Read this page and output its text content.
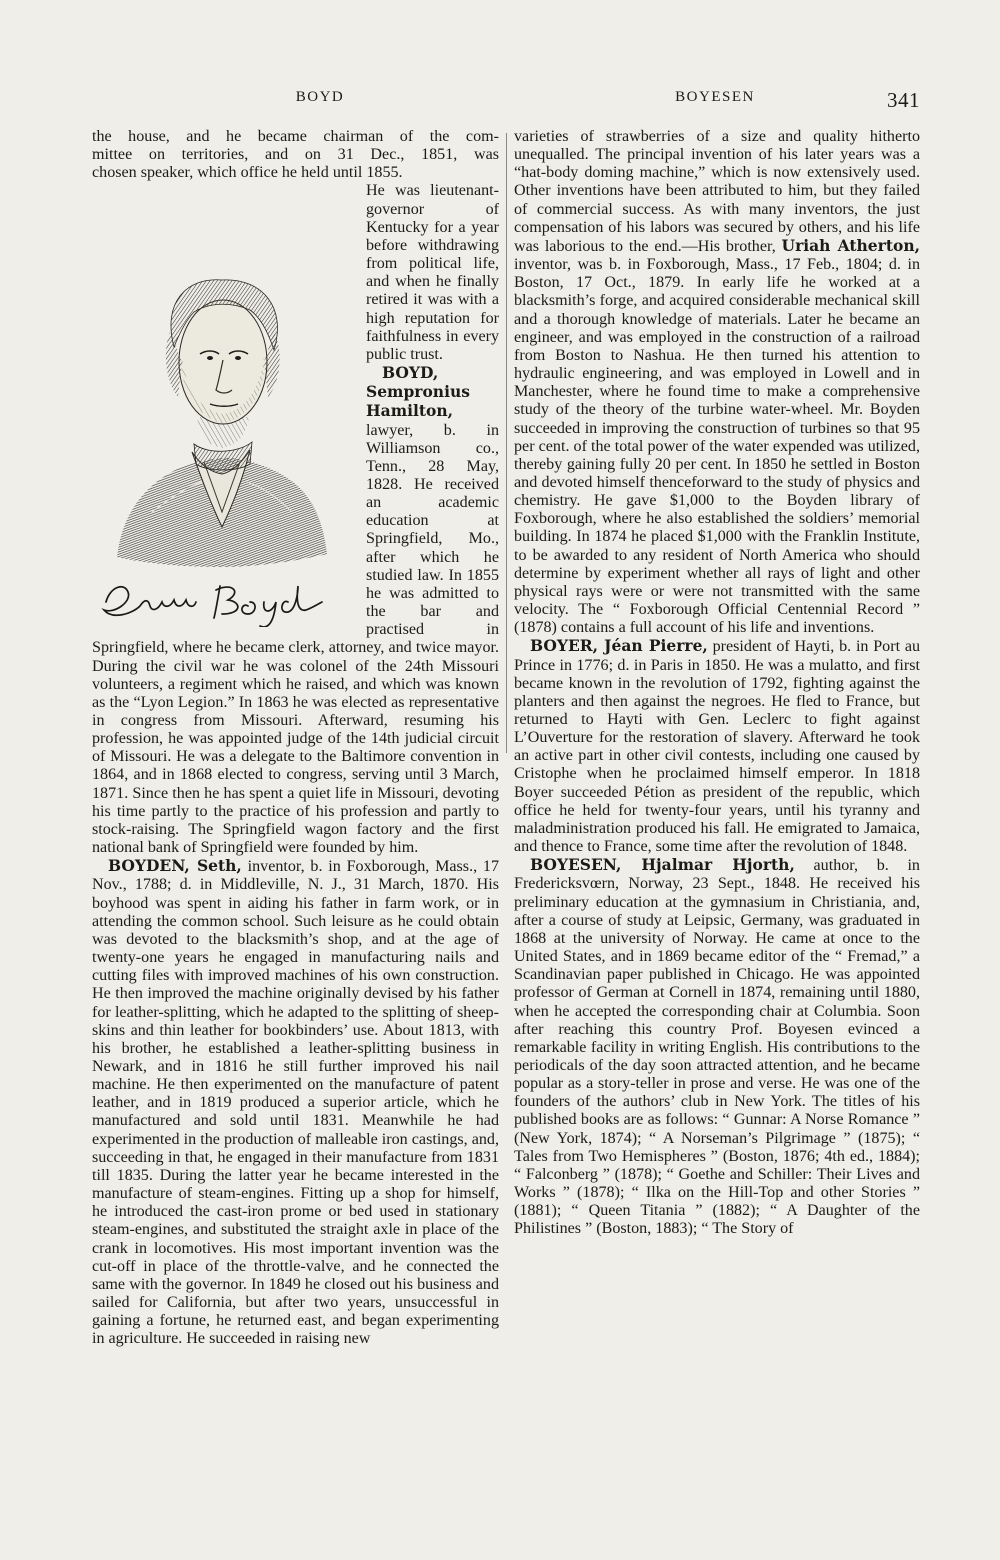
BOYD	BOYESEN	341
the house, and he became chairman of the com-
mittee on territories, and on 31 Dec., 1851, was
chosen speaker, which office he held until 1855.

He was lieutenant-governor of Kentucky for a year before withdrawing from political life, and when he finally retired it was with a high reputation for faithfulness in every public trust.

BOYD, Sempronius Hamilton, lawyer, b. in Williamson co., Tenn., 28 May, 1828. He received an academic education at Springfield, Mo., after which he studied law. In 1855 he was admitted to the bar and practised in Springfield, where he became clerk, attorney, and twice mayor. During the civil war he was colonel of the 24th Missouri volunteers, a regiment which he raised, and which was known as the “Lyon Legion.” In 1863 he was elected as representative in congress from Missouri. Afterward, resuming his profession, he was appointed judge of the 14th judicial circuit of Missouri. He was a delegate to the Baltimore convention in 1864, and in 1868 elected to congress, serving until 3 March, 1871. Since then he has spent a quiet life in Missouri, devoting his time partly to the practice of his profession and partly to stock-raising. The Springfield wagon factory and the first national bank of Springfield were founded by him.

BOYDEN, Seth, inventor, b. in Foxborough, Mass., 17 Nov., 1788; d. in Middleville, N. J., 31 March, 1870. His boyhood was spent in aiding his father in farm work, or in attending the common school. Such leisure as he could obtain was devoted to the blacksmith’s shop, and at the age of twenty-one years he engaged in manufacturing nails and cutting files with improved machines of his own construction. He then improved the machine originally devised by his father for leather-splitting, which he adapted to the splitting of sheep-skins and thin leather for bookbinders’ use. About 1813, with his brother, he established a leather-splitting business in Newark, and in 1816 he still further improved his nail machine. He then experimented on the manufacture of patent leather, and in 1819 produced a superior article, which he manufactured and sold until 1831. Meanwhile he had experimented in the production of malleable iron castings, and, succeeding in that, he engaged in their manufacture from 1831 till 1835. During the latter year he became interested in the manufacture of steam-engines. Fitting up a shop for himself, he introduced the cast-iron prome or bed used in stationary steam-engines, and substituted the straight axle in place of the crank in locomotives. His most important invention was the cut-off in place of the throttle-valve, and he connected the same with the governor. In 1849 he closed out his business and sailed for California, but after two years, unsuccessful in gaining a fortune, he returned east, and began experimenting in agriculture. He succeeded in raising new

varieties of strawberries of a size and quality hitherto unequalled. The principal invention of his later years was a “hat-body doming machine,” which is now extensively used. Other inventions have been attributed to him, but they failed of commercial success. As with many inventors, the just compensation of his labors was secured by others, and his life was laborious to the end.—His brother, Uriah Atherton, inventor, was b. in Foxborough, Mass., 17 Feb., 1804; d. in Boston, 17 Oct., 1879. In early life he worked at a blacksmith’s forge, and acquired considerable mechanical skill and a thorough knowledge of materials. Later he became an engineer, and was employed in the construction of a railroad from Boston to Nashua. He then turned his attention to hydraulic engineering, and was employed in Lowell and in Manchester, where he found time to make a comprehensive study of the theory of the turbine water-wheel. Mr. Boyden succeeded in improving the construction of turbines so that 95 per cent. of the total power of the water expended was utilized, thereby gaining fully 20 per cent. In 1850 he settled in Boston and devoted himself thenceforward to the study of physics and chemistry. He gave $1,000 to the Boyden library of Foxborough, where he also established the soldiers’ memorial building. In 1874 he placed $1,000 with the Franklin Institute, to be awarded to any resident of North America who should determine by experiment whether all rays of light and other physical rays were or were not transmitted with the same velocity. The “ Foxborough Official Centennial Record ” (1878) contains a full account of his life and inventions.

BOYER, Jéan Pierre, president of Hayti, b. in Port au Prince in 1776; d. in Paris in 1850. He was a mulatto, and first became known in the revolution of 1792, fighting against the planters and then against the negroes. He fled to France, but returned to Hayti with Gen. Leclerc to fight against L’Ouverture for the restoration of slavery. Afterward he took an active part in other civil contests, including one caused by Cristophe when he proclaimed himself emperor. In 1818 Boyer succeeded Pétion as president of the republic, which office he held for twenty-four years, until his tyranny and maladministration produced his fall. He emigrated to Jamaica, and thence to France, some time after the revolution of 1848.

BOYESEN, Hjalmar Hjorth, author, b. in Fredericksvœrn, Norway, 23 Sept., 1848. He received his preliminary education at the gymnasium in Christiania, and, after a course of study at Leipsic, Germany, was graduated in 1868 at the university of Norway. He came at once to the United States, and in 1869 became editor of the “ Fremad,” a Scandinavian paper published in Chicago. He was appointed professor of German at Cornell in 1874, remaining until 1880, when he accepted the corresponding chair at Columbia. Soon after reaching this country Prof. Boyesen evinced a remarkable facility in writing English. His contributions to the periodicals of the day soon attracted attention, and he became popular as a story-teller in prose and verse. He was one of the founders of the authors’ club in New York. The titles of his published books are as follows: “ Gunnar: A Norse Romance ” (New York, 1874); “ A Norseman’s Pilgrimage ” (1875); “ Tales from Two Hemispheres ” (Boston, 1876; 4th ed., 1884); “ Falconberg ” (1878); “ Goethe and Schiller: Their Lives and Works ” (1878); “ Ilka on the Hill-Top and other Stories ” (1881); “ Queen Titania ” (1882); “ A Daughter of the Philistines ” (Boston, 1883); “ The Story of
